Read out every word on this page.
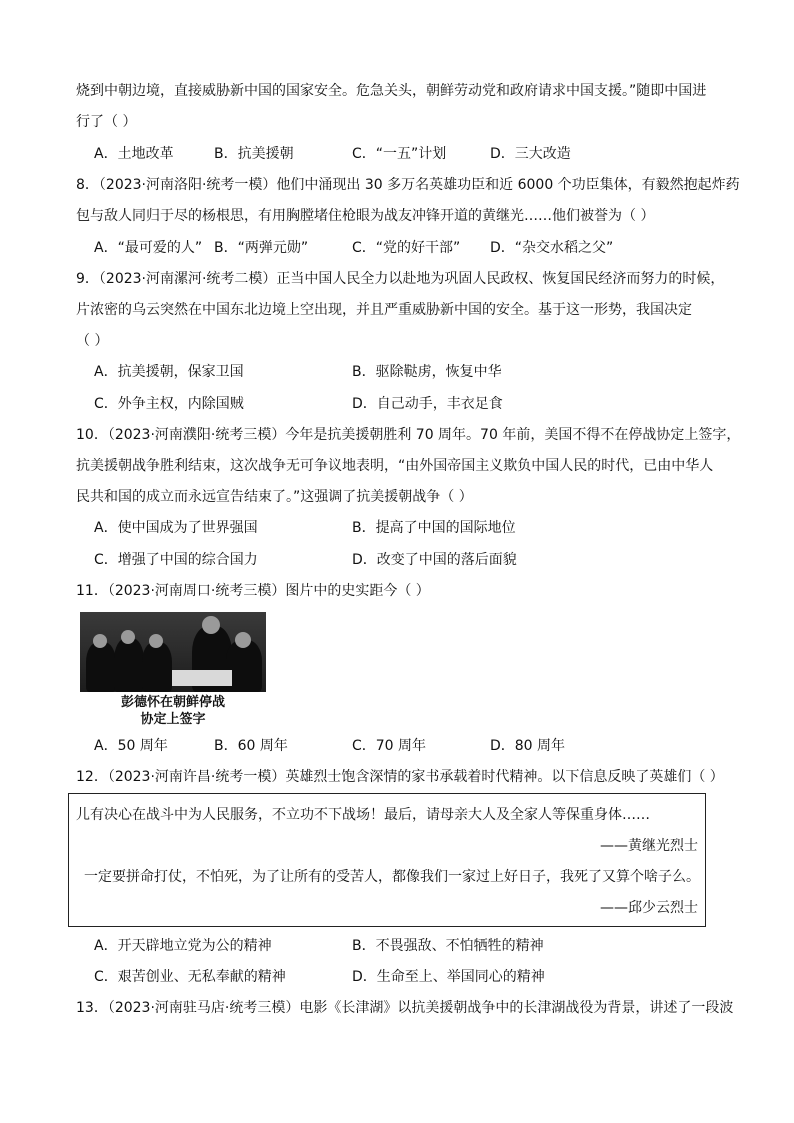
烧到中朝边境，直接威胁新中国的国家安全。危急关头，朝鲜劳动党和政府请求中国支援。”随即中国进
行了（ ）
A．土地改革	B．抗美援朝	C．“一五”计划	D．三大改造
8．（2023·河南洛阳·统考一模）他们中涌现出 30 多万名英雄功臣和近 6000 个功臣集体，有毅然抱起炸药
包与敌人同归于尽的杨根思，有用胸膛堵住枪眼为战友冲锋开道的黄继光……他们被誉为（ ）
A．“最可爱的人” B．“两弹元勋”	C．“党的好干部” D．“杂交水稻之父”
9．（2023·河南漯河·统考二模）正当中国人民全力以赴地为巩固人民政权、恢复国民经济而努力的时候，
片浓密的乌云突然在中国东北边境上空出现，并且严重威胁新中国的安全。基于这一形势，我国决定
（ ）
A．抗美援朝，保家卫国	B．驱除鞑虏，恢复中华
C．外争主权，内除国贼	D．自己动手，丰衣足食
10．（2023·河南濮阳·统考三模）今年是抗美援朝胜利 70 周年。70 年前，美国不得不在停战协定上签字，
抗美援朝战争胜利结束，这次战争无可争议地表明，“由外国帝国主义欺负中国人民的时代，已由中华人
民共和国的成立而永远宣告结束了。”这强调了抗美援朝战争（ ）
A．使中国成为了世界强国	B．提高了中国的国际地位
C．增强了中国的综合国力	D．改变了中国的落后面貌
11．（2023·河南周口·统考三模）图片中的史实距今（ ）
彭德怀在朝鲜停战
协定上签字
A．50 周年	B．60 周年	C．70 周年	D．80 周年
12．（2023·河南许昌·统考一模）英雄烈士饱含深情的家书承载着时代精神。以下信息反映了英雄们（ ）
儿有决心在战斗中为人民服务，不立功不下战场！最后，请母亲大人及全家人等保重身体……
——黄继光烈士
一定要拼命打仗，不怕死，为了让所有的受苦人，都像我们一家过上好日子，我死了又算个啥子么。
——邱少云烈士
A．开天辟地立党为公的精神	B．不畏强敌、不怕牺牲的精神
C．艰苦创业、无私奉献的精神	D．生命至上、举国同心的精神
13．（2023·河南驻马店·统考三模）电影《长津湖》以抗美援朝战争中的长津湖战役为背景，讲述了一段波
